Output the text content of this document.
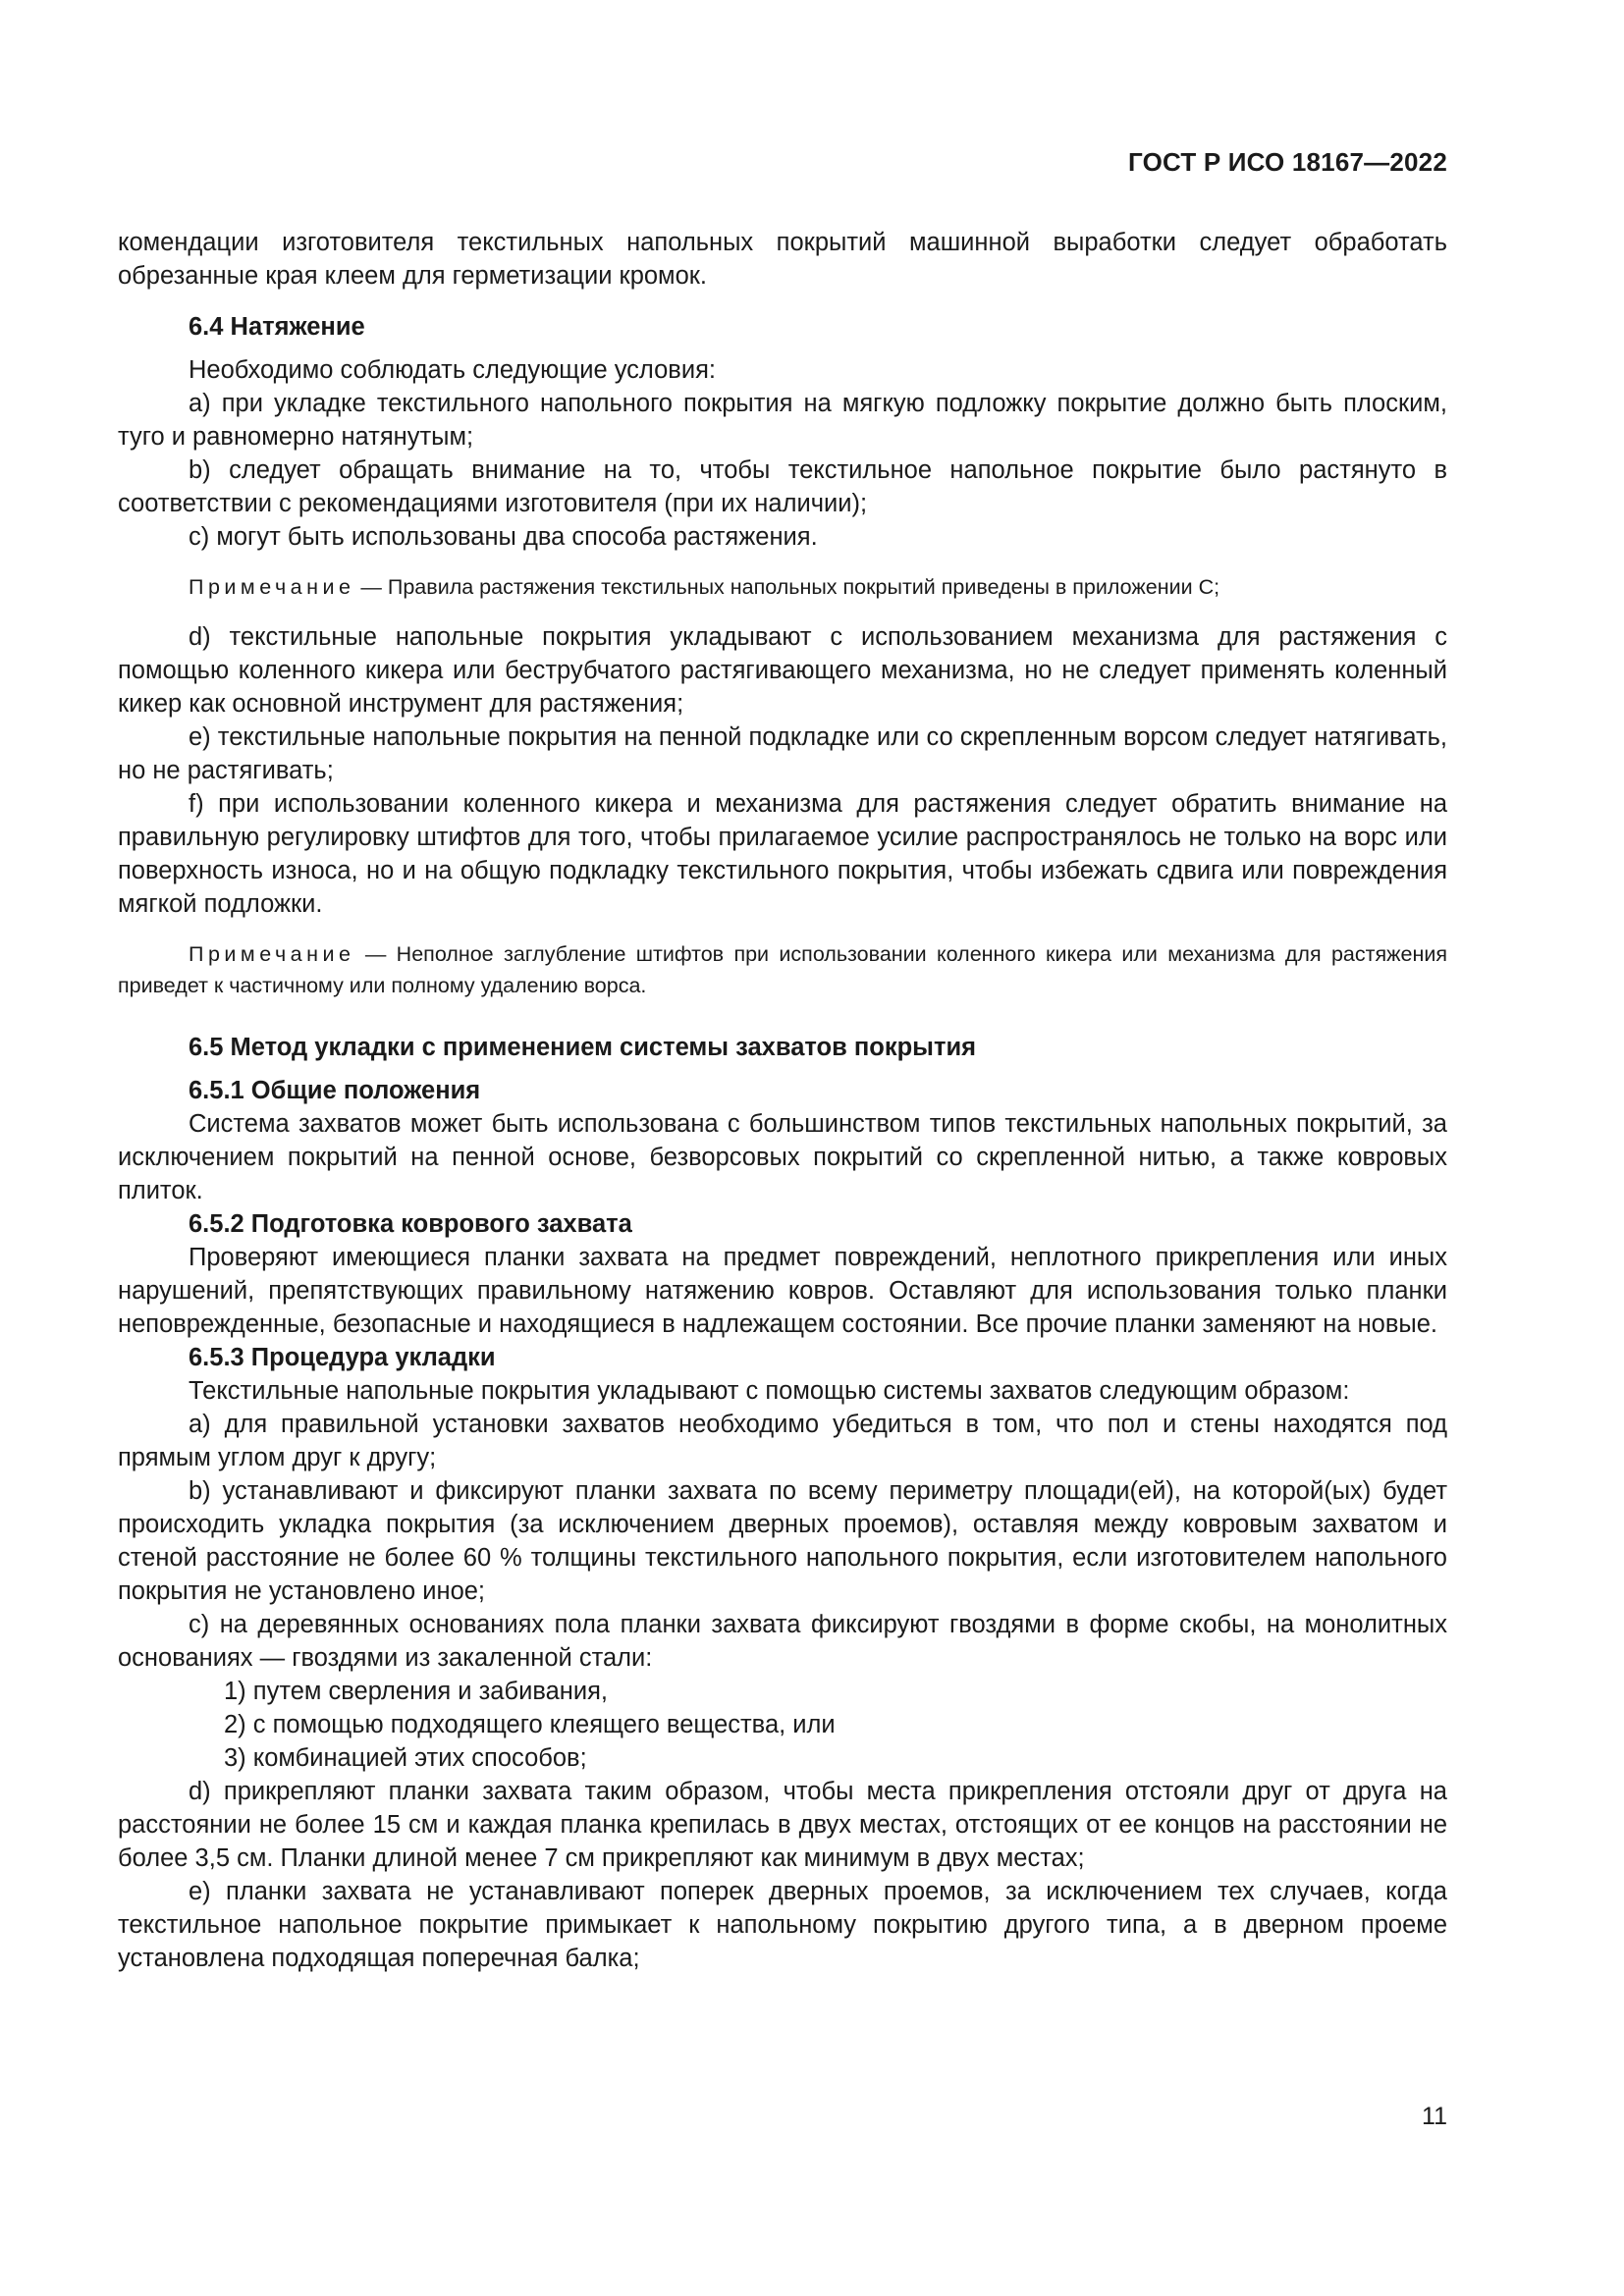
ГОСТ Р ИСО 18167—2022

комендации изготовителя текстильных напольных покрытий машинной выработки следует обработать обрезанные края клеем для герметизации кромок.

6.4 Натяжение

Необходимо соблюдать следующие условия:

a) при укладке текстильного напольного покрытия на мягкую подложку покрытие должно быть плоским, туго и равномерно натянутым;

b) следует обращать внимание на то, чтобы текстильное напольное покрытие было растянуто в соответствии с рекомендациями изготовителя (при их наличии);

c) могут быть использованы два способа растяжения.

Примечание — Правила растяжения текстильных напольных покрытий приведены в приложении С;

d) текстильные напольные покрытия укладывают с использованием механизма для растяжения с помощью коленного кикера или беструбчатого растягивающего механизма, но не следует применять коленный кикер как основной инструмент для растяжения;

e) текстильные напольные покрытия на пенной подкладке или со скрепленным ворсом следует натягивать, но не растягивать;

f) при использовании коленного кикера и механизма для растяжения следует обратить внимание на правильную регулировку штифтов для того, чтобы прилагаемое усилие распространялось не только на ворс или поверхность износа, но и на общую подкладку текстильного покрытия, чтобы избежать сдвига или повреждения мягкой подложки.

Примечание — Неполное заглубление штифтов при использовании коленного кикера или механизма для растяжения приведет к частичному или полному удалению ворса.

6.5 Метод укладки с применением системы захватов покрытия

6.5.1 Общие положения

Система захватов может быть использована с большинством типов текстильных напольных покрытий, за исключением покрытий на пенной основе, безворсовых покрытий со скрепленной нитью, а также ковровых плиток.

6.5.2 Подготовка коврового захвата

Проверяют имеющиеся планки захвата на предмет повреждений, неплотного прикрепления или иных нарушений, препятствующих правильному натяжению ковров. Оставляют для использования только планки неповрежденные, безопасные и находящиеся в надлежащем состоянии. Все прочие планки заменяют на новые.

6.5.3 Процедура укладки

Текстильные напольные покрытия укладывают с помощью системы захватов следующим образом:

a) для правильной установки захватов необходимо убедиться в том, что пол и стены находятся под прямым углом друг к другу;

b) устанавливают и фиксируют планки захвата по всему периметру площади(ей), на которой(ых) будет происходить укладка покрытия (за исключением дверных проемов), оставляя между ковровым захватом и стеной расстояние не более 60 % толщины текстильного напольного покрытия, если изготовителем напольного покрытия не установлено иное;

c) на деревянных основаниях пола планки захвата фиксируют гвоздями в форме скобы, на монолитных основаниях — гвоздями из закаленной стали:

1) путем сверления и забивания,

2) с помощью подходящего клеящего вещества, или

3) комбинацией этих способов;

d) прикрепляют планки захвата таким образом, чтобы места прикрепления отстояли друг от друга на расстоянии не более 15 см и каждая планка крепилась в двух местах, отстоящих от ее концов на расстоянии не более 3,5 см. Планки длиной менее 7 см прикрепляют как минимум в двух местах;

e) планки захвата не устанавливают поперек дверных проемов, за исключением тех случаев, когда текстильное напольное покрытие примыкает к напольному покрытию другого типа, а в дверном проеме установлена подходящая поперечная балка;

11
